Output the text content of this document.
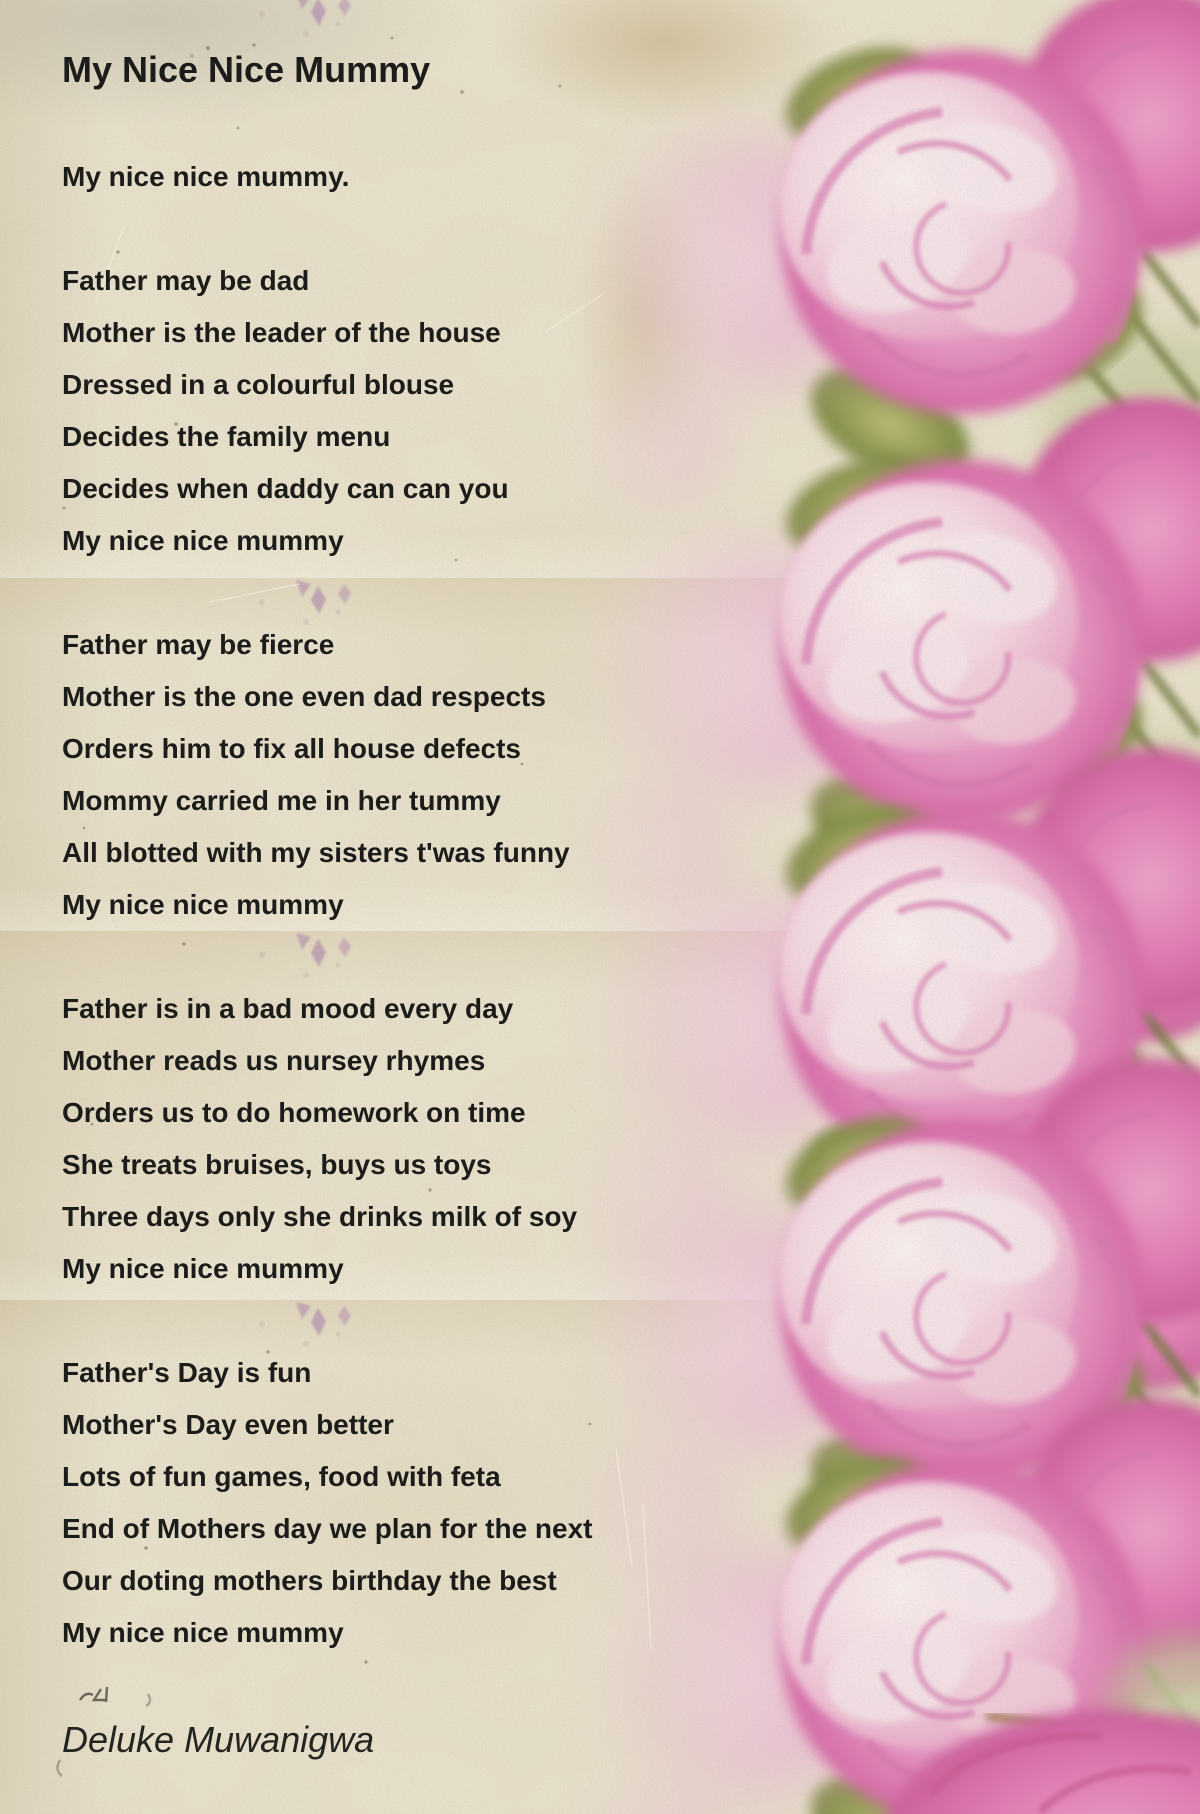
My Nice Nice Mummy

My nice nice mummy.

Father may be dad

Mother is the leader of the house

Dressed in a colourful blouse

Decides the family menu

Decides when daddy can can you

My nice nice mummy

Father may be fierce

Mother is the one even dad respects

Orders him to fix all house defects

Mommy carried me in her tummy

All blotted with my sisters t'was funny

My nice nice mummy

Father is in a bad mood every day

Mother reads us nursey rhymes

Orders us to do homework on time

She treats bruises, buys us toys

Three days only she drinks milk of soy

My nice nice mummy

Father's Day is fun

Mother's Day even better

Lots of fun games, food with feta

End of Mothers day we plan for the next

Our doting mothers birthday the best

My nice nice mummy

Deluke Muwanigwa
